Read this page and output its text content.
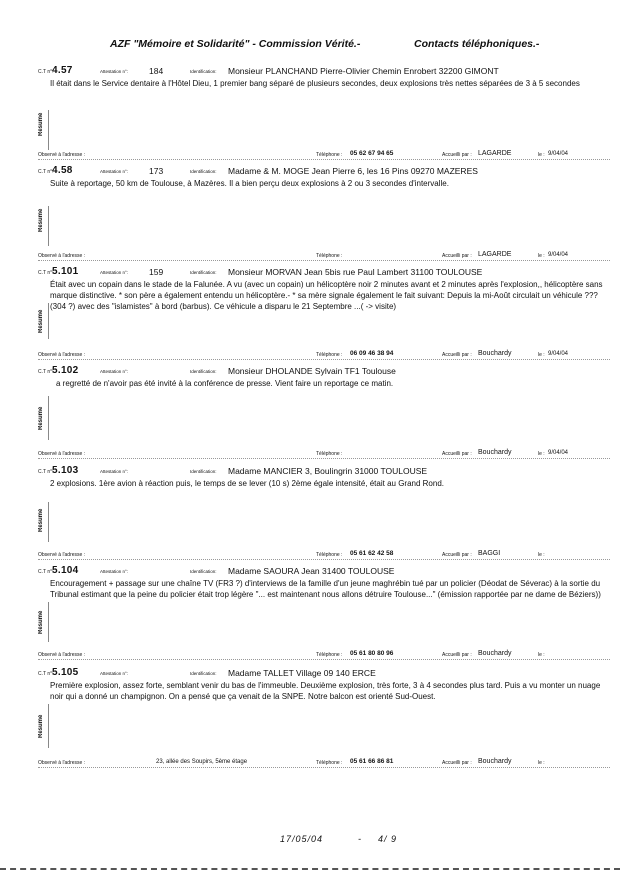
AZF "Mémoire et Solidarité" - Commission Vérité.-	Contacts téléphoniques.-
C.T n°:
4.57	Attestation n°: 184	Identification: Monsieur PLANCHAND Pierre-Olivier Chemin Enrobert 32200 GIMONT

Il était dans le Service dentaire à l'Hôtel Dieu, 1 premier bang séparé de plusieurs secondes, deux explosions très nettes séparées de 3 à 5 secondes

Résumé
Observé à l'adresse :	Téléphone : 05 62 67 94 65	Accueilli par : LAGARDE	le : 9/04/04
C.T n°:
4.58	Attestation n°: 173	Identification: Madame & M. MOGE Jean Pierre 6, les 16 Pins 09270 MAZERES

Suite à reportage, 50 km de Toulouse, à Mazères. Il a bien perçu deux explosions à 2 ou 3 secondes d'intervalle.

Résumé
Observé à l'adresse :	Téléphone :	Accueilli par : LAGARDE	le : 9/04/04
C.T n°:
5.101	Attestation n°: 159	Identification: Monsieur MORVAN Jean 5bis rue Paul Lambert 31100 TOULOUSE

Était avec un copain dans le stade de la Falunée. A vu (avec un copain) un hélicoptère noir 2 minutes avant et 2 minutes après l'explosion,, hélicoptère sans marque distinctive. * son père a également entendu un hélicoptère.- * sa mère signale également le fait suivant: Depuis la mi-Août circulait un véhicule ??? (304 ?) avec des "islamistes" à bord (barbus). Ce véhicule a disparu le 21 Septembre ...( -> visite)

Résumé
Observé à l'adresse :	Téléphone : 06 09 46 38 94	Accueilli par : Bouchardy	le : 9/04/04
C.T n°:
5.102	Attestation n°:	Identification: Monsieur DHOLANDE Sylvain TF1 Toulouse

a regretté de n'avoir pas été invité à la conférence de presse. Vient faire un reportage ce matin.

Résumé
Observé à l'adresse :	Téléphone :	Accueilli par : Bouchardy	le : 9/04/04
C.T n°:
5.103	Attestation n°:	Identification: Madame MANCIER 3, Boulingrin 31000 TOULOUSE

2 explosions. 1ère avion à réaction puis, le temps de se lever (10 s) 2ème égale intensité, était au Grand Rond.

Résumé
Observé à l'adresse :	Téléphone : 05 61 62 42 58	Accueilli par : BAGGI	le :
C.T n°:
5.104	Attestation n°:	Identification: Madame SAOURA Jean 31400 TOULOUSE

Encouragement + passage sur une chaîne TV (FR3 ?) d'interviews de la famille d'un jeune maghrébin tué par un policier (Déodat de Séverac) à la sortie du Tribunal estimant que la peine du policier était trop légère "... est maintenant nous allons détruire Toulouse..." (émission rapportée par ne dame de Béziers))

Résumé
Observé à l'adresse :	Téléphone : 05 61 80 80 96	Accueilli par : Bouchardy	le :
C.T n°:
5.105	Attestation n°:	Identification: Madame TALLET Village 09 140 ERCE

Première explosion, assez forte, semblant venir du bas de l'immeuble. Deuxième explosion, très forte, 3 à 4 secondes plus tard. Puis a vu monter un nuage noir qui a donné un champignon. On a pensé que ça venait de la SNPE. Notre balcon est orienté Sud-Ouest.

Résumé
Observé à l'adresse :	23, allée des Soupirs, 5ème étage	Téléphone : 05 61 66 86 81	Accueilli par : Bouchardy	le :
17/05/04	- 4/ 9
